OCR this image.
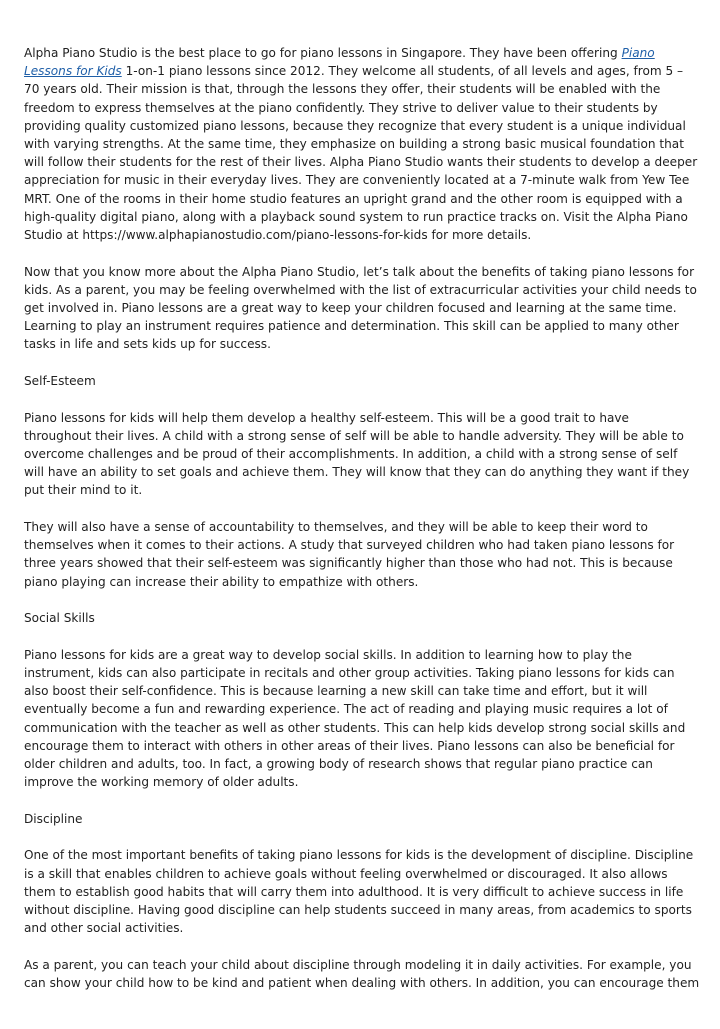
Alpha Piano Studio is the best place to go for piano lessons in Singapore. They have been offering Piano Lessons for Kids 1-on-1 piano lessons since 2012. They welcome all students, of all levels and ages, from 5 – 70 years old. Their mission is that, through the lessons they offer, their students will be enabled with the freedom to express themselves at the piano confidently. They strive to deliver value to their students by providing quality customized piano lessons, because they recognize that every student is a unique individual with varying strengths. At the same time, they emphasize on building a strong basic musical foundation that will follow their students for the rest of their lives. Alpha Piano Studio wants their students to develop a deeper appreciation for music in their everyday lives. They are conveniently located at a 7-minute walk from Yew Tee MRT. One of the rooms in their home studio features an upright grand and the other room is equipped with a high-quality digital piano, along with a playback sound system to run practice tracks on. Visit the Alpha Piano Studio at https://www.alphapianostudio.com/piano-lessons-for-kids for more details.

Now that you know more about the Alpha Piano Studio, let’s talk about the benefits of taking piano lessons for kids. As a parent, you may be feeling overwhelmed with the list of extracurricular activities your child needs to get involved in. Piano lessons are a great way to keep your children focused and learning at the same time. Learning to play an instrument requires patience and determination. This skill can be applied to many other tasks in life and sets kids up for success.

Self-Esteem

Piano lessons for kids will help them develop a healthy self-esteem. This will be a good trait to have throughout their lives. A child with a strong sense of self will be able to handle adversity. They will be able to overcome challenges and be proud of their accomplishments. In addition, a child with a strong sense of self will have an ability to set goals and achieve them. They will know that they can do anything they want if they put their mind to it.

They will also have a sense of accountability to themselves, and they will be able to keep their word to themselves when it comes to their actions. A study that surveyed children who had taken piano lessons for three years showed that their self-esteem was significantly higher than those who had not. This is because piano playing can increase their ability to empathize with others.

Social Skills

Piano lessons for kids are a great way to develop social skills. In addition to learning how to play the instrument, kids can also participate in recitals and other group activities. Taking piano lessons for kids can also boost their self-confidence. This is because learning a new skill can take time and effort, but it will eventually become a fun and rewarding experience. The act of reading and playing music requires a lot of communication with the teacher as well as other students. This can help kids develop strong social skills and encourage them to interact with others in other areas of their lives. Piano lessons can also be beneficial for older children and adults, too. In fact, a growing body of research shows that regular piano practice can improve the working memory of older adults.

Discipline

One of the most important benefits of taking piano lessons for kids is the development of discipline. Discipline is a skill that enables children to achieve goals without feeling overwhelmed or discouraged. It also allows them to establish good habits that will carry them into adulthood. It is very difficult to achieve success in life without discipline. Having good discipline can help students succeed in many areas, from academics to sports and other social activities.

As a parent, you can teach your child about discipline through modeling it in daily activities. For example, you can show your child how to be kind and patient when dealing with others. In addition, you can encourage them
